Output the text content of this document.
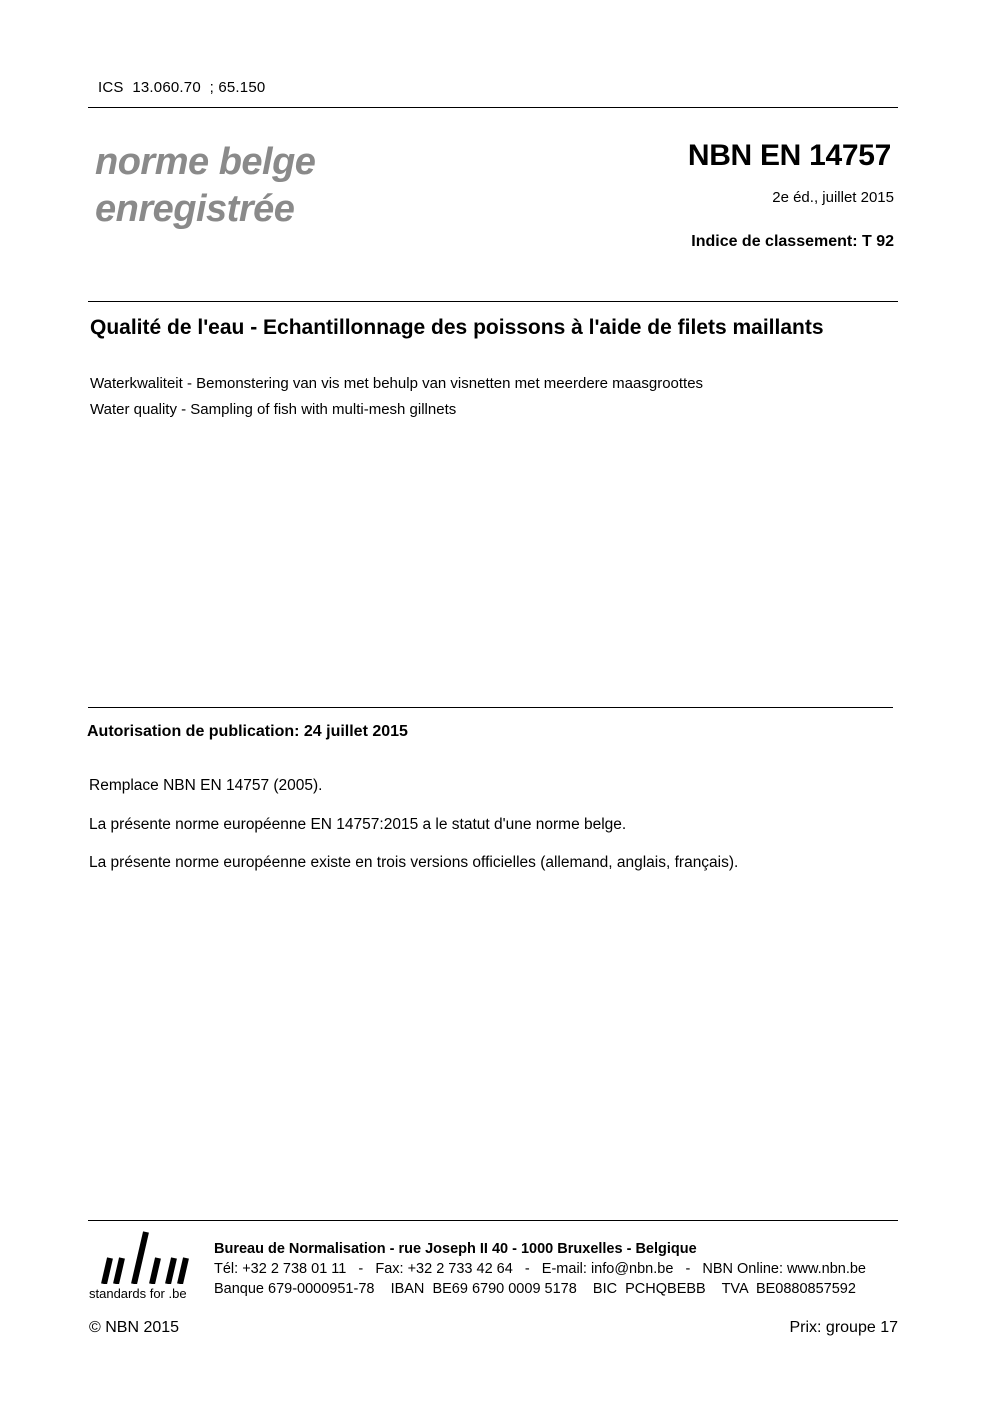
ICS  13.060.70  ; 65.150
norme belge
enregistrée
NBN EN 14757
2e éd., juillet 2015
Indice de classement: T 92
Qualité de l'eau - Echantillonnage des poissons à l'aide de filets maillants
Waterkwaliteit - Bemonstering van vis met behulp van visnetten met meerdere maasgroottes
Water quality - Sampling of fish with multi-mesh gillnets
Autorisation de publication: 24 juillet 2015
Remplace NBN EN 14757 (2005).
La présente norme européenne EN 14757:2015 a le statut d'une norme belge.
La présente norme européenne existe en trois versions officielles (allemand, anglais, français).
standards for .be
Bureau de Normalisation - rue Joseph II 40 - 1000 Bruxelles - Belgique
Tél: +32 2 738 01 11   -   Fax: +32 2 733 42 64   -   E-mail: info@nbn.be   -   NBN Online: www.nbn.be
Banque 679-0000951-78    IBAN  BE69 6790 0009 5178    BIC  PCHQBEBB    TVA  BE0880857592
© NBN 2015	Prix: groupe 17
